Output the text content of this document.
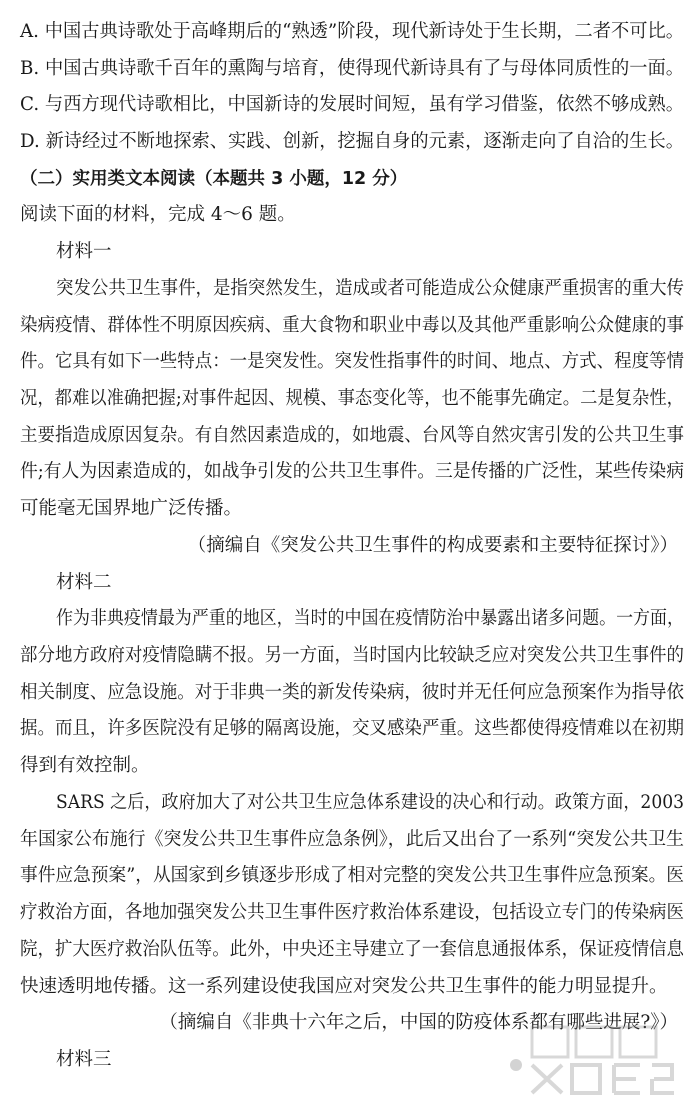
A. 中国古典诗歌处于高峰期后的“熟透”阶段，现代新诗处于生长期，二者不可比。
B. 中国古典诗歌千百年的熏陶与培育，使得现代新诗具有了与母体同质性的一面。
C. 与西方现代诗歌相比，中国新诗的发展时间短，虽有学习借鉴，依然不够成熟。
D. 新诗经过不断地探索、实践、创新，挖掘自身的元素，逐渐走向了自洽的生长。
（二）实用类文本阅读（本题共 3 小题，12 分）
阅读下面的材料，完成 4～6 题。
材料一
突发公共卫生事件，是指突然发生，造成或者可能造成公众健康严重损害的重大传
染病疫情、群体性不明原因疾病、重大食物和职业中毒以及其他严重影响公众健康的事
件。它具有如下一些特点：一是突发性。突发性指事件的时间、地点、方式、程度等情
况，都难以准确把握;对事件起因、规模、事态变化等，也不能事先确定。二是复杂性，
主要指造成原因复杂。有自然因素造成的，如地震、台风等自然灾害引发的公共卫生事
件;有人为因素造成的，如战争引发的公共卫生事件。三是传播的广泛性，某些传染病
可能毫无国界地广泛传播。
（摘编自《突发公共卫生事件的构成要素和主要特征探讨》）
材料二
作为非典疫情最为严重的地区，当时的中国在疫情防治中暴露出诸多问题。一方面，
部分地方政府对疫情隐瞒不报。另一方面，当时国内比较缺乏应对突发公共卫生事件的
相关制度、应急设施。对于非典一类的新发传染病，彼时并无任何应急预案作为指导依
据。而且，许多医院没有足够的隔离设施，交叉感染严重。这些都使得疫情难以在初期
得到有效控制。
SARS 之后，政府加大了对公共卫生应急体系建设的决心和行动。政策方面，2003
年国家公布施行《突发公共卫生事件应急条例》，此后又出台了一系列“突发公共卫生
事件应急预案”，从国家到乡镇逐步形成了相对完整的突发公共卫生事件应急预案。医
疗救治方面，各地加强突发公共卫生事件医疗救治体系建设，包括设立专门的传染病医
院，扩大医疗救治队伍等。此外，中央还主导建立了一套信息通报体系，保证疫情信息
快速透明地传播。这一系列建设使我国应对突发公共卫生事件的能力明显提升。
（摘编自《非典十六年之后，中国的防疫体系都有哪些进展?》）
材料三
